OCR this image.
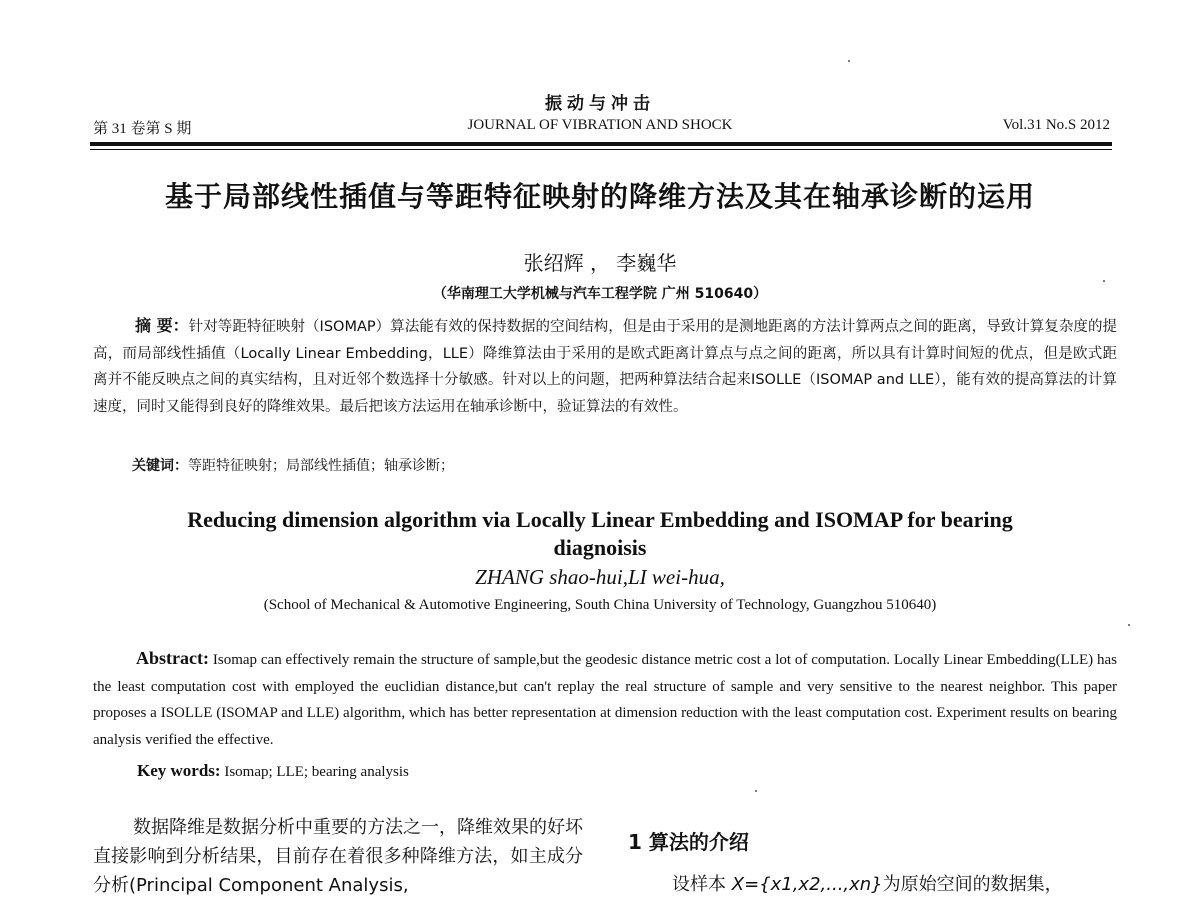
振动与冲击
第 31 卷第 S 期	JOURNAL OF VIBRATION AND SHOCK	Vol.31 No.S 2012
基于局部线性插值与等距特征映射的降维方法及其在轴承诊断的运用
张绍辉 ， 李巍华
（华南理工大学机械与汽车工程学院 广州 510640）
摘 要：针对等距特征映射（ISOMAP）算法能有效的保持数据的空间结构，但是由于采用的是测地距离的方法计算两点之间的距离，导致计算复杂度的提高，而局部线性插值（Locally Linear Embedding，LLE）降维算法由于采用的是欧式距离计算点与点之间的距离，所以具有计算时间短的优点，但是欧式距离并不能反映点之间的真实结构，且对近邻个数选择十分敏感。针对以上的问题，把两种算法结合起来ISOLLE（ISOMAP and LLE），能有效的提高算法的计算速度，同时又能得到良好的降维效果。最后把该方法运用在轴承诊断中，验证算法的有效性。
关键词：等距特征映射；局部线性插值；轴承诊断；
Reducing dimension algorithm via Locally Linear Embedding and ISOMAP for bearing diagnoisis
ZHANG shao-hui,LI wei-hua,
(School of Mechanical & Automotive Engineering, South China University of Technology, Guangzhou 510640)
Abstract: Isomap can effectively remain the structure of sample,but the geodesic distance metric cost a lot of computation. Locally Linear Embedding(LLE) has the least computation cost with employed the euclidian distance,but can't replay the real structure of sample and very sensitive to the nearest neighbor. This paper proposes a ISOLLE (ISOMAP and LLE) algorithm, which has better representation at dimension reduction with the least computation cost. Experiment results on bearing analysis verified the effective.
Key words: Isomap; LLE; bearing analysis
数据降维是数据分析中重要的方法之一，降维效果的好坏直接影响到分析结果，目前存在着很多种降维方法，如主成分分析(Principal Component Analysis,
1 算法的介绍
设样本 X={x1,x2,...,xn}为原始空间的数据集，
